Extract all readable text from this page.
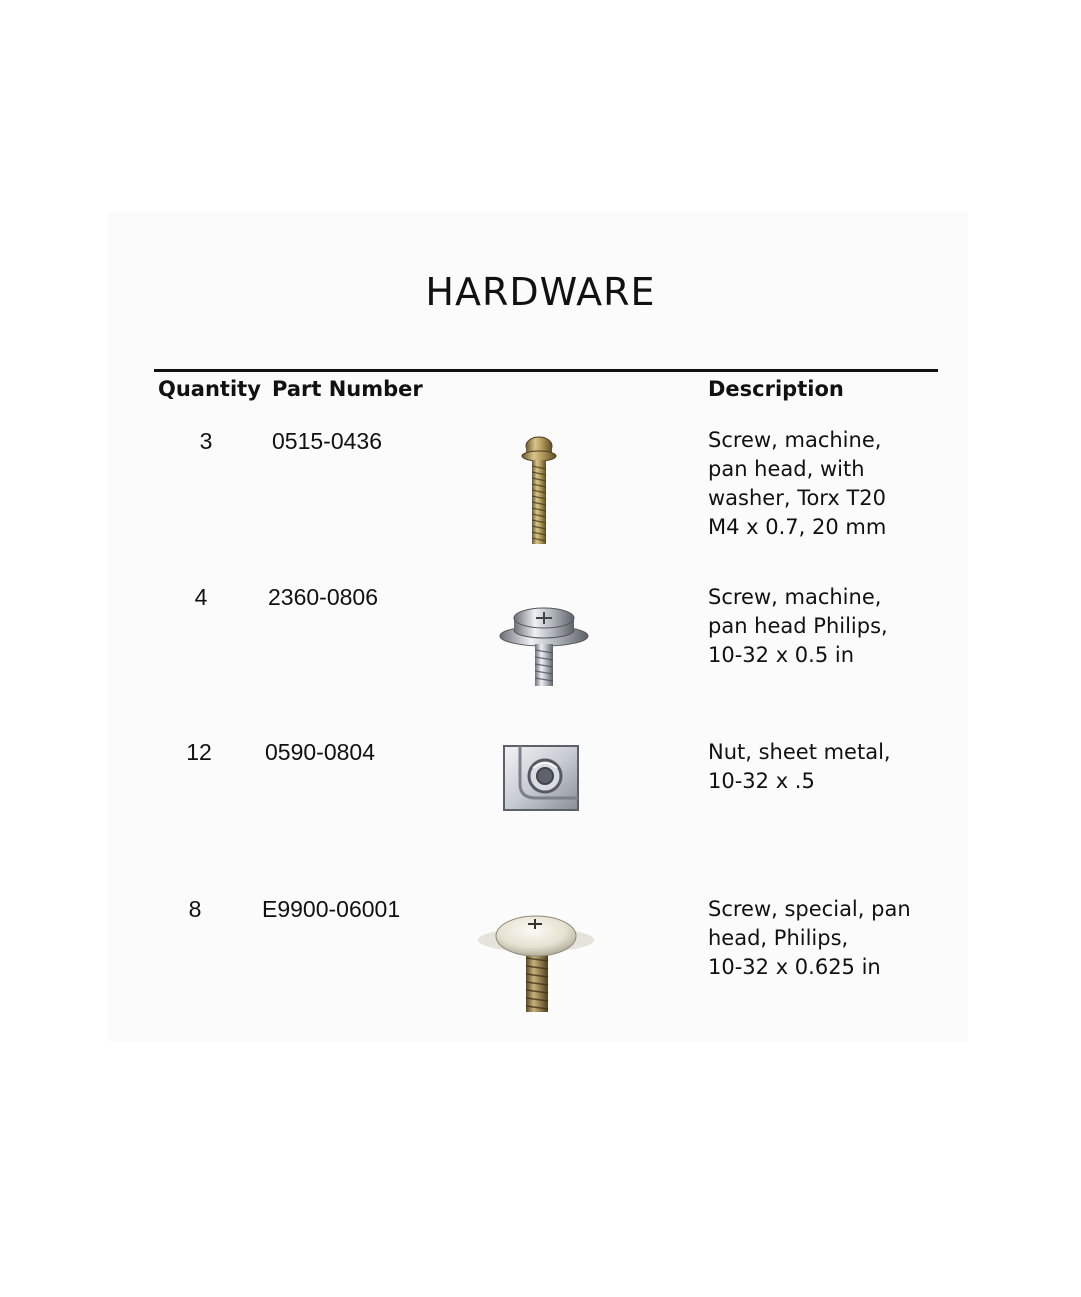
HARDWARE
Quantity Part Number	Description
3	0515-0436	Screw, machine,
pan head, with
washer, Torx T20
M4 x 0.7, 20 mm
4	2360-0806	Screw, machine,
pan head Philips,
10-32 x 0.5 in
12	0590-0804	Nut, sheet metal,
10-32 x .5
8	E9900-06001	Screw, special, pan
head, Philips,
10-32 x 0.625 in
